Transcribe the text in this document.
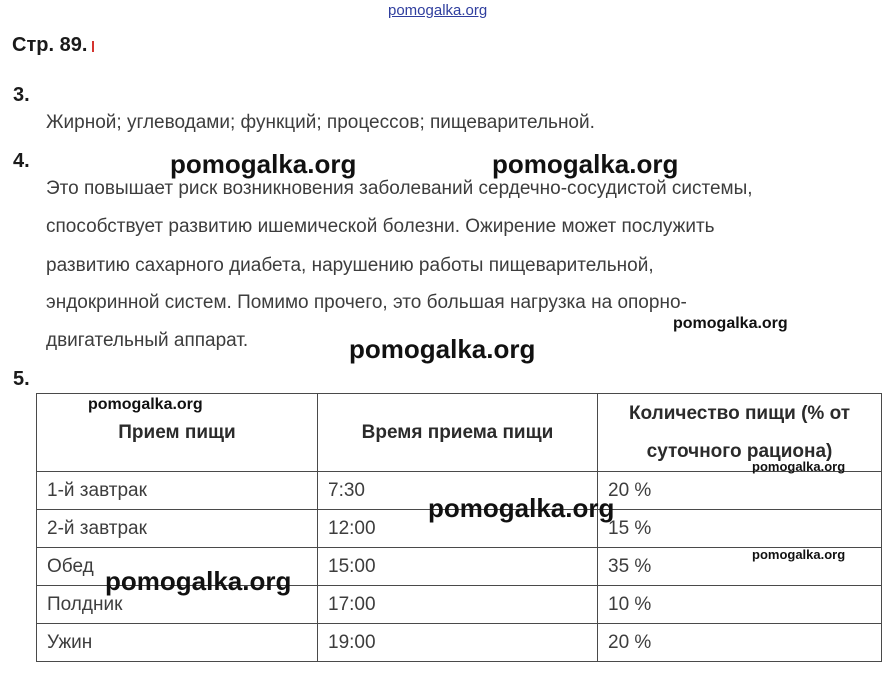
pomogalka.org
Стр. 89.
3.
Жирной; углеводами; функций; процессов; пищеварительной.
4.
Это повышает риск возникновения заболеваний сердечно-сосудистой системы,
способствует развитию ишемической болезни. Ожирение может послужить
развитию сахарного диабета, нарушению работы пищеварительной,
эндокринной систем. Помимо прочего, это большая нагрузка на опорно-
двигательный аппарат.
5.
Прием пищи	Время приема пищи	Количество пищи (% от суточного рациона)
1-й завтрак	7:30	20 %
2-й завтрак	12:00	15 %
Обед	15:00	35 %
Полдник	17:00	10 %
Ужин	19:00	20 %
pomogalka.org	pomogalka.org
pomogalka.org
pomogalka.org
pomogalka.org
pomogalka.org
pomogalka.org
pomogalka.org
pomogalka.org
